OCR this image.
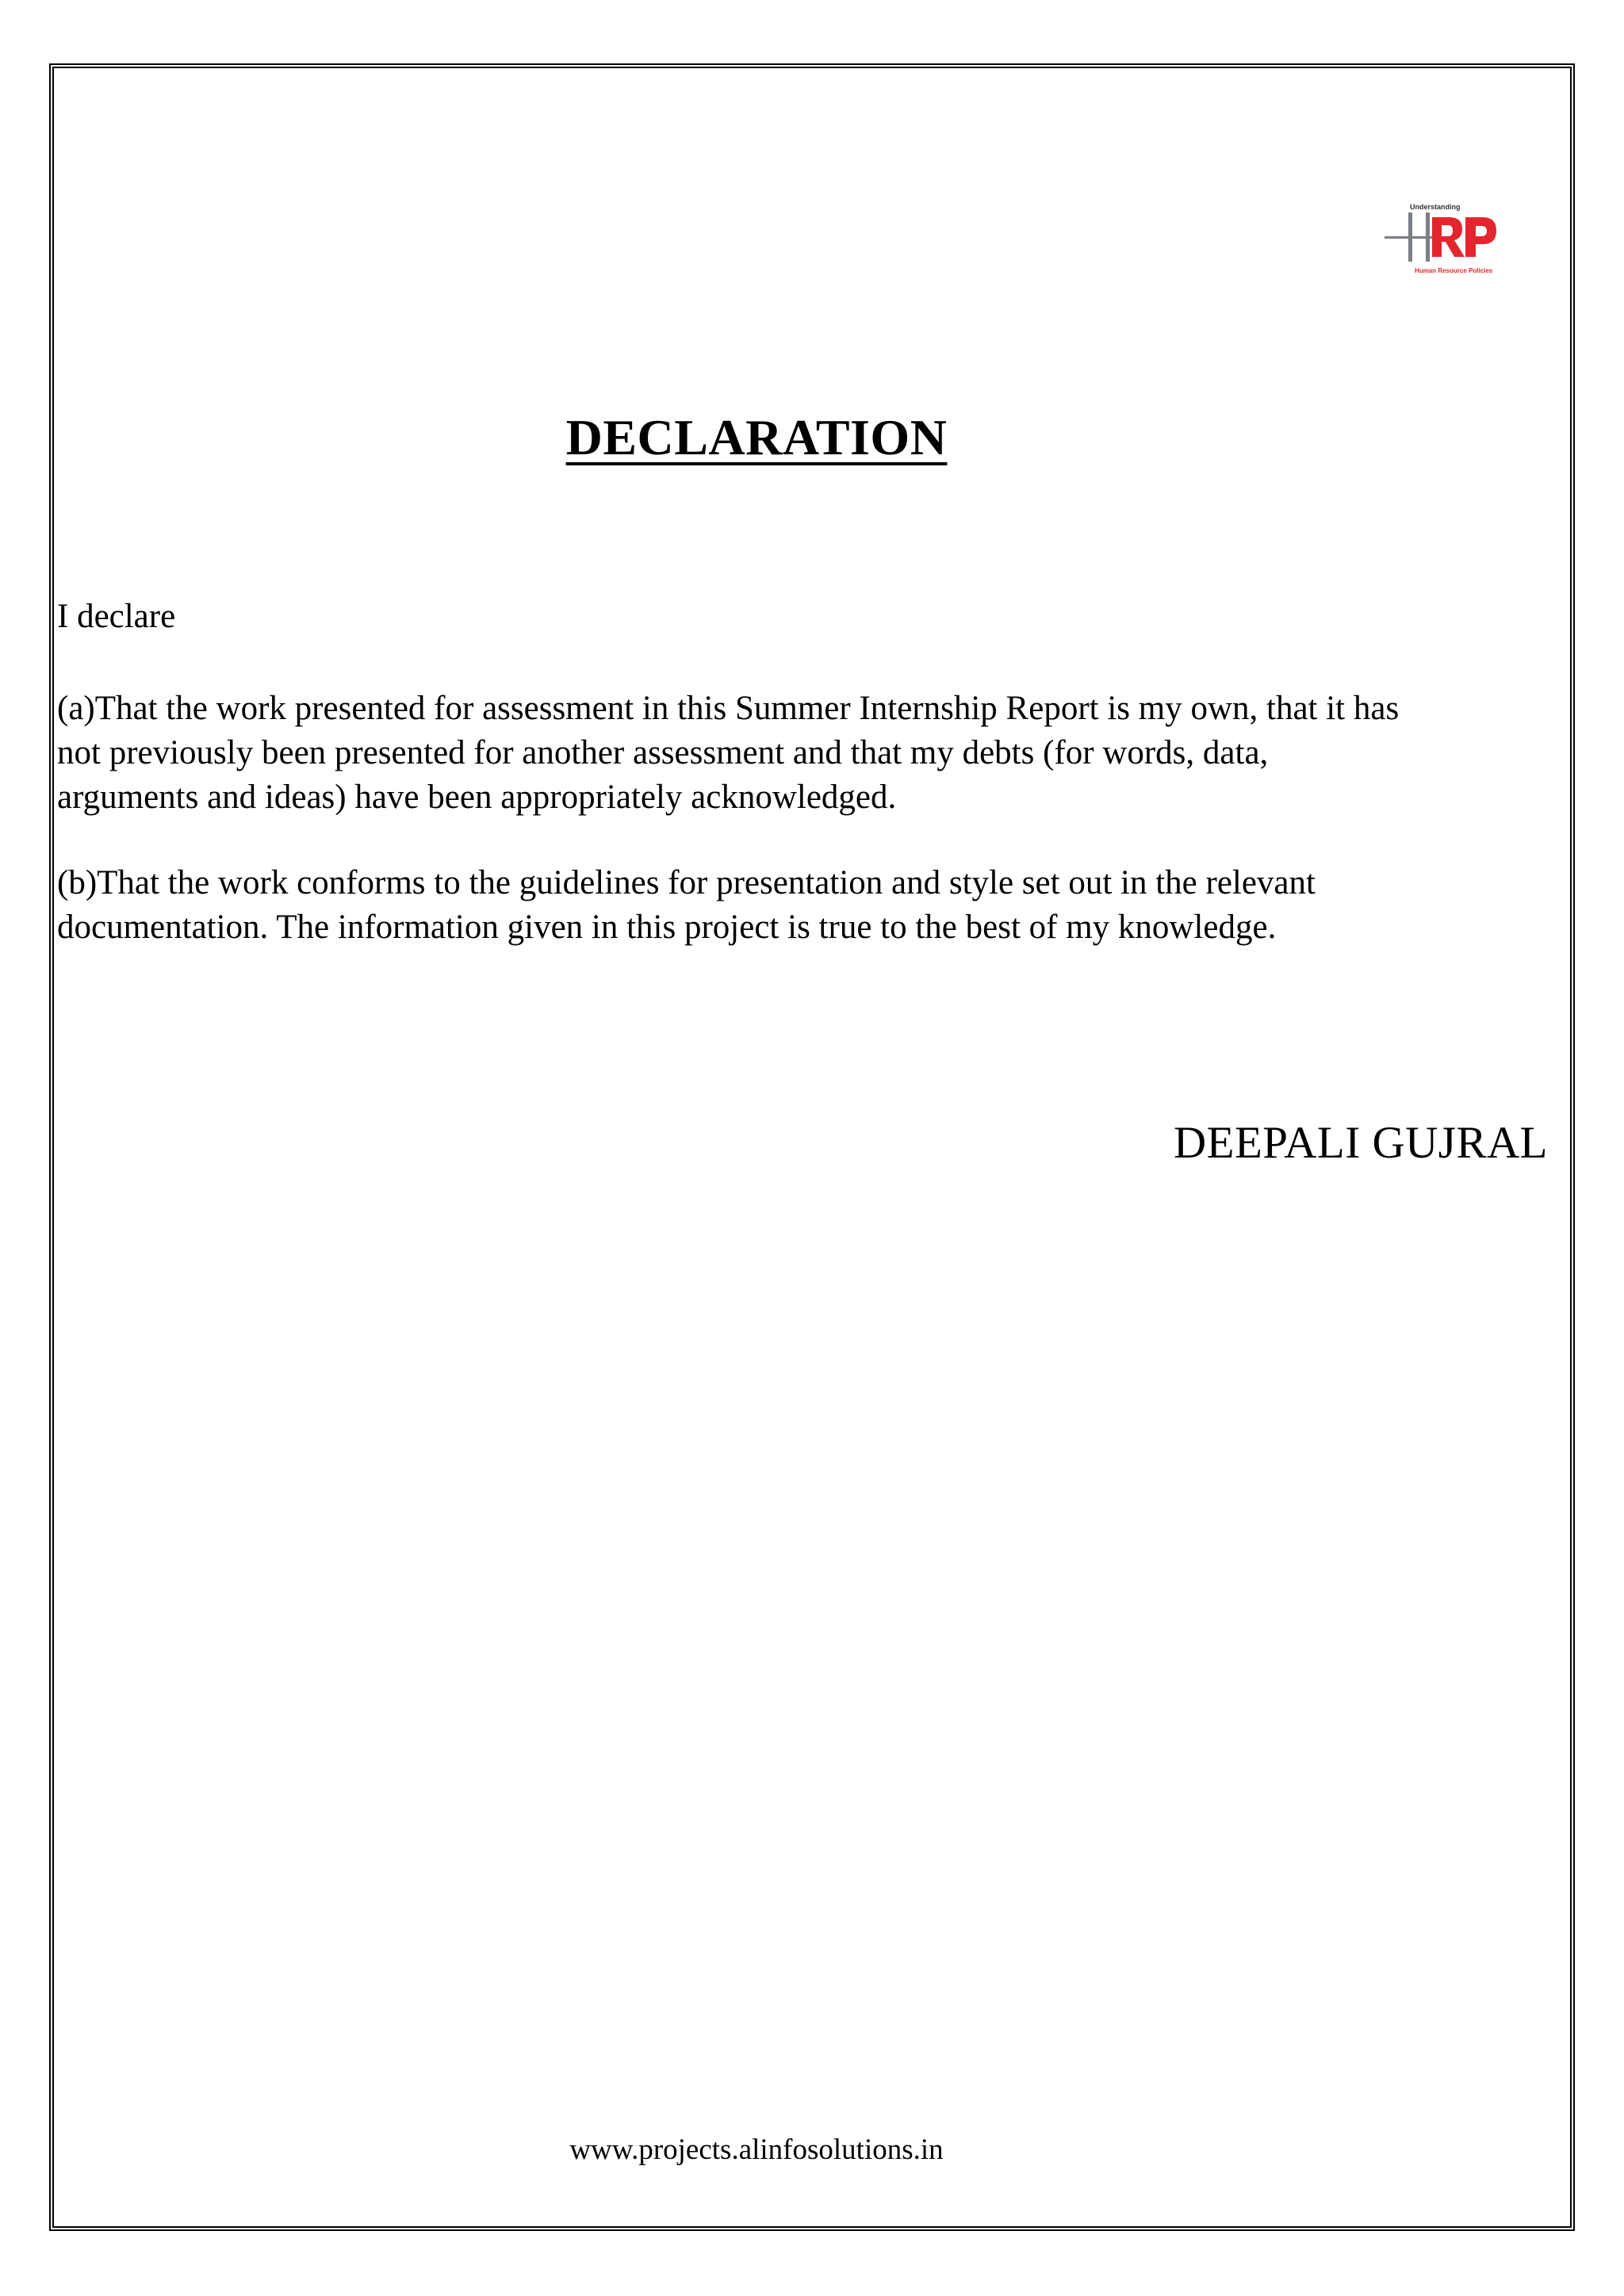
Understanding
Human Resource Policies
DECLARATION
I declare
(a)That the work presented for assessment in this Summer Internship Report is my own, that it has
not previously been presented for another assessment and that my debts (for words, data,
arguments and ideas) have been appropriately acknowledged.
(b)That the work conforms to the guidelines for presentation and style set out in the relevant
documentation. The information given in this project is true to the best of my knowledge.
DEEPALI GUJRAL
www.projects.alinfosolutions.in
